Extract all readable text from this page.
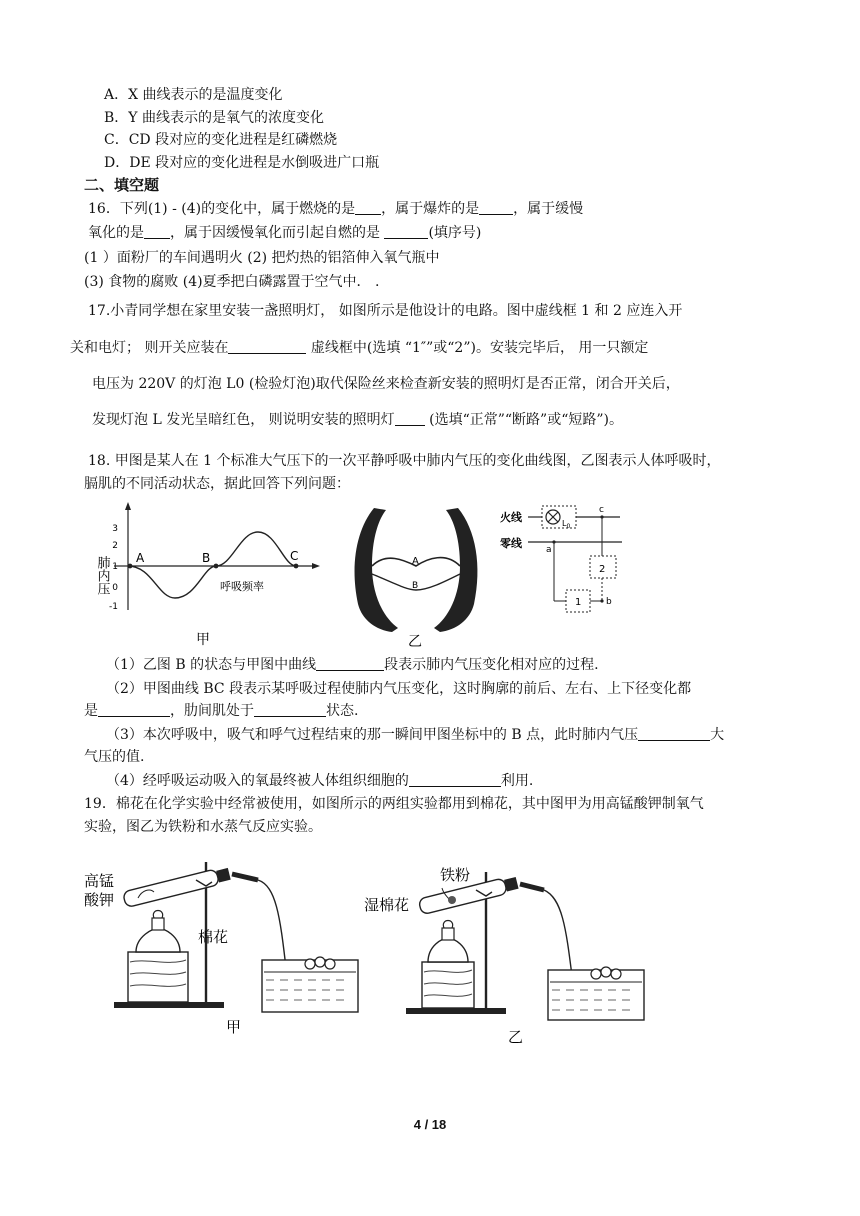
A．X 曲线表示的是温度变化
B．Y 曲线表示的是氧气的浓度变化
C．CD 段对应的变化进程是红磷燃烧
D．DE 段对应的变化进程是水倒吸进广口瓶
二、填空题
16．下列(1) - (4)的变化中，属于燃烧的是 ，属于爆炸的是 ，属于缓慢
氧化的是 ，属于因缓慢氧化而引起自燃的是	(填序号)
(1 ）面粉厂的车间遇明火 (2) 把灼热的铝箔伸入氧气瓶中
(3) 食物的腐败 (4)夏季把白磷露置于空气中． .
17.小青同学想在家里安装一盏照明灯， 如图所示是他设计的电路。图中虚线框 1 和 2 应连入开
关和电灯； 则开关应装在	虚线框中(选填 “1″”或“2”)。安装完毕后， 用一只额定
电压为 220V 的灯泡 L0 (检验灯泡)取代保险丝来检查新安装的照明灯是否正常，闭合开关后，
发现灯泡 L 发光呈暗红色， 则说明安装的照明灯 (选填“正常”“断路”或“短路”)。
18. 甲图是某人在 1 个标准大气压下的一次平静呼吸中肺内气压的变化曲线图，乙图表示人体呼吸时，
膈肌的不同活动状态，据此回答下列问题：
3
2
1
0
-1
肺内压 A	B	C
呼吸频率
甲
A
B
乙
火线
零线
$L_0$
c
a
2
1	b
（1）乙图 B 的状态与甲图中曲线	段表示肺内气压变化相对应的过程.
（2）甲图曲线 BC 段表示某呼吸过程使肺内气压变化，这时胸廓的前后、左右、上下径变化都
是	，肋间肌处于	状态.
（3）本次呼吸中，吸气和呼气过程结束的那一瞬间甲图坐标中的 B 点，此时肺内气压	大
气压的值.
（4）经呼吸运动吸入的氧最终被人体组织细胞的	利用.
19．棉花在化学实验中经常被使用，如图所示的两组实验都用到棉花，其中图甲为用高锰酸钾制氧气
实验，图乙为铁粉和水蒸气反应实验。
高锰酸钾
棉花
甲
铁粉
湿棉花
乙
4 / 18
